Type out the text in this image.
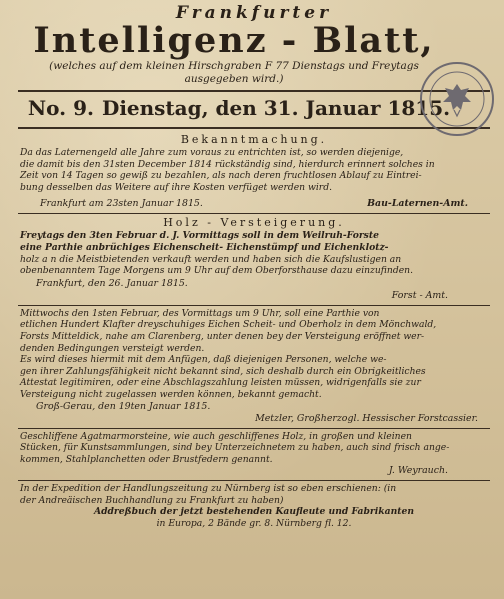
Frankfurter
Intelligenz - Blatt,
(welches auf dem kleinen Hirschgraben F 77 Dienstags und Freytags
ausgegeben wird.)
No. 9. Dienstag, den 31. Januar 1815.
Bekanntmachung.

Da das Laternengeld alle Jahre zum voraus zu entrichten ist, so werden diejenige,

die damit bis den 31sten December 1814 rückständig sind, hierdurch erinnert solches in

Zeit von 14 Tagen so gewiß zu bezahlen, als nach deren fruchtlosen Ablauf zu Eintrei-

bung desselben das Weitere auf ihre Kosten verfüget werden wird.

Frankfurt am 23sten Januar 1815.	Bau-Laternen-Amt.
Holz - Versteigerung.

Freytags den 3ten Februar d. J. Vormittags soll in dem Weilruh-Forste

eine Parthie anbrüchiges Eichenscheit- Eichenstümpf und Eichenklotz-

holz a n die Meistbietenden verkauft werden und haben sich die Kaufslustigen an

obenbenanntem Tage Morgens um 9 Uhr auf dem Oberforsthause dazu einzufinden.

Frankfurt, den 26. Januar 1815.
Forst - Amt.

Mittwochs den 1sten Februar, des Vormittags um 9 Uhr, soll eine Parthie von

etlichen Hundert Klafter dreyschuhiges Eichen Scheit- und Oberholz in dem Mönchwald,

Forsts Mitteldick, nahe am Clarenberg, unter denen bey der Versteigung eröffnet wer-

denden Bedingungen versteigt werden.

Es wird dieses hiermit mit dem Anfügen, daß diejenigen Personen, welche we-

gen ihrer Zahlungsfähigkeit nicht bekannt sind, sich deshalb durch ein Obrigkeitliches

Attestat legitimiren, oder eine Abschlagszahlung leisten müssen, widrigenfalls sie zur

Versteigung nicht zugelassen werden können, bekannt gemacht.

Groß-Gerau, den 19ten Januar 1815.
Metzler, Großherzogl. Hessischer Forstcassier.

Geschliffene Agatmarmorsteine, wie auch geschliffenes Holz, in großen und kleinen

Stücken, für Kunstsammlungen, sind bey Unterzeichnetem zu haben, auch sind frisch ange-

kommen, Stahlplanchetten oder Brustfedern genannt.

J. Weyrauch.

In der Expedition der Handlungszeitung zu Nürnberg ist so eben erschienen: (in

der Andreäischen Buchhandlung zu Frankfurt zu haben)

Addreßbuch der jetzt bestehenden Kaufleute und Fabrikanten

in Europa, 2 Bände gr. 8. Nürnberg fl. 12.
